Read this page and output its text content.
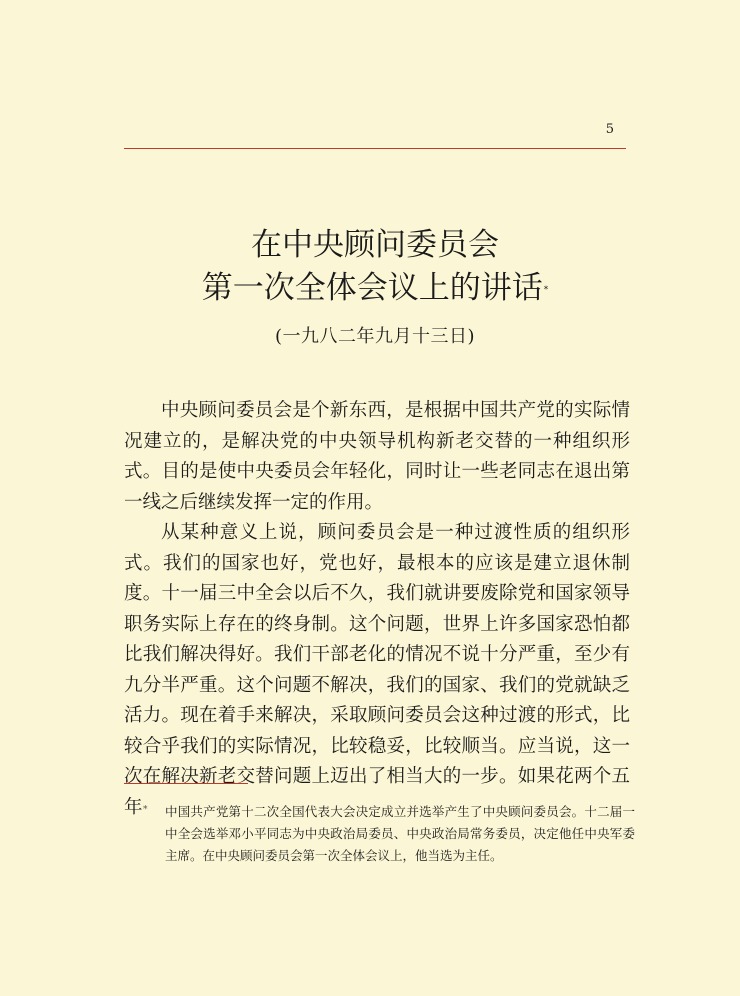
5
在中央顾问委员会
第一次全体会议上的讲话*
(一九八二年九月十三日)

中央顾问委员会是个新东西，是根据中国共产党的实际情况建立的，是解决党的中央领导机构新老交替的一种组织形式。目的是使中央委员会年轻化，同时让一些老同志在退出第一线之后继续发挥一定的作用。

从某种意义上说，顾问委员会是一种过渡性质的组织形式。我们的国家也好，党也好，最根本的应该是建立退休制度。十一届三中全会以后不久，我们就讲要废除党和国家领导职务实际上存在的终身制。这个问题，世界上许多国家恐怕都比我们解决得好。我们干部老化的情况不说十分严重，至少有九分半严重。这个问题不解决，我们的国家、我们的党就缺乏活力。现在着手来解决，采取顾问委员会这种过渡的形式，比较合乎我们的实际情况，比较稳妥，比较顺当。应当说，这一次在解决新老交替问题上迈出了相当大的一步。如果花两个五年 *	中国共产党第十二次全国代表大会决定成立并选举产生了中央顾问委员会。十二届一中全会选举邓小平同志为中央政治局委员、中央政治局常务委员，决定他任中央军委主席。在中央顾问委员会第一次全体会议上，他当选为主任。
